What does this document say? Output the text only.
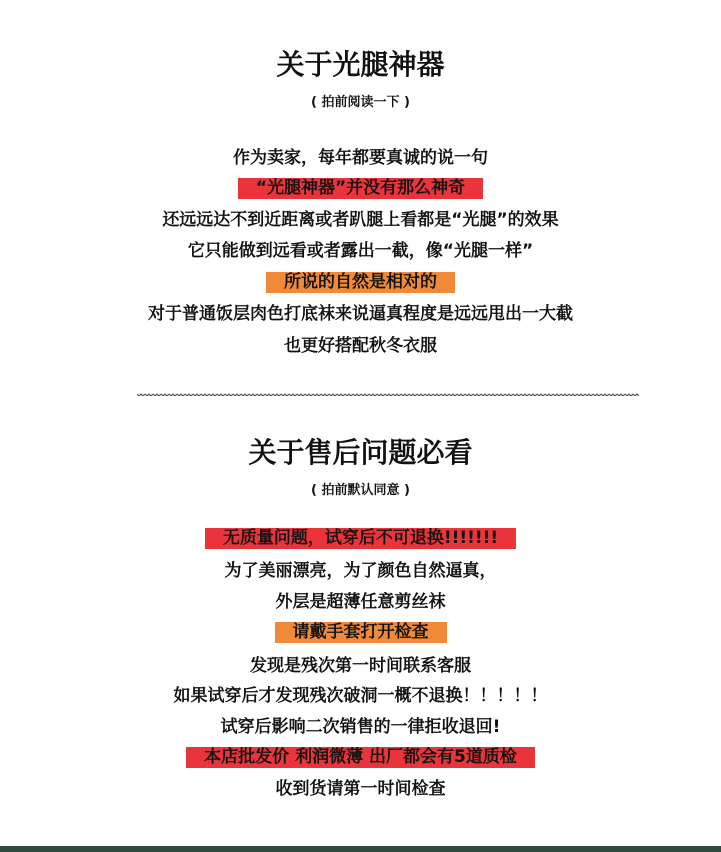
关于光腿神器
( 拍前阅读一下 )
作为卖家，每年都要真诚的说一句
“光腿神器”并没有那么神奇
还远远达不到近距离或者趴腿上看都是“光腿”的效果
它只能做到远看或者露出一截，像“光腿一样”
所说的自然是相对的
对于普通饭层肉色打底袜来说逼真程度是远远甩出一大截
也更好搭配秋冬衣服
关于售后问题必看
( 拍前默认同意 )
无质量问题，试穿后不可退换!!!!!!!
为了美丽漂亮，为了颜色自然逼真，
外层是超薄任意剪丝袜
请戴手套打开检查
发现是残次第一时间联系客服
如果试穿后才发现残次破洞一概不退换！！！！！
试穿后影响二次销售的一律拒收退回!
本店批发价 利润微薄 出厂都会有5道质检
收到货请第一时间检查
